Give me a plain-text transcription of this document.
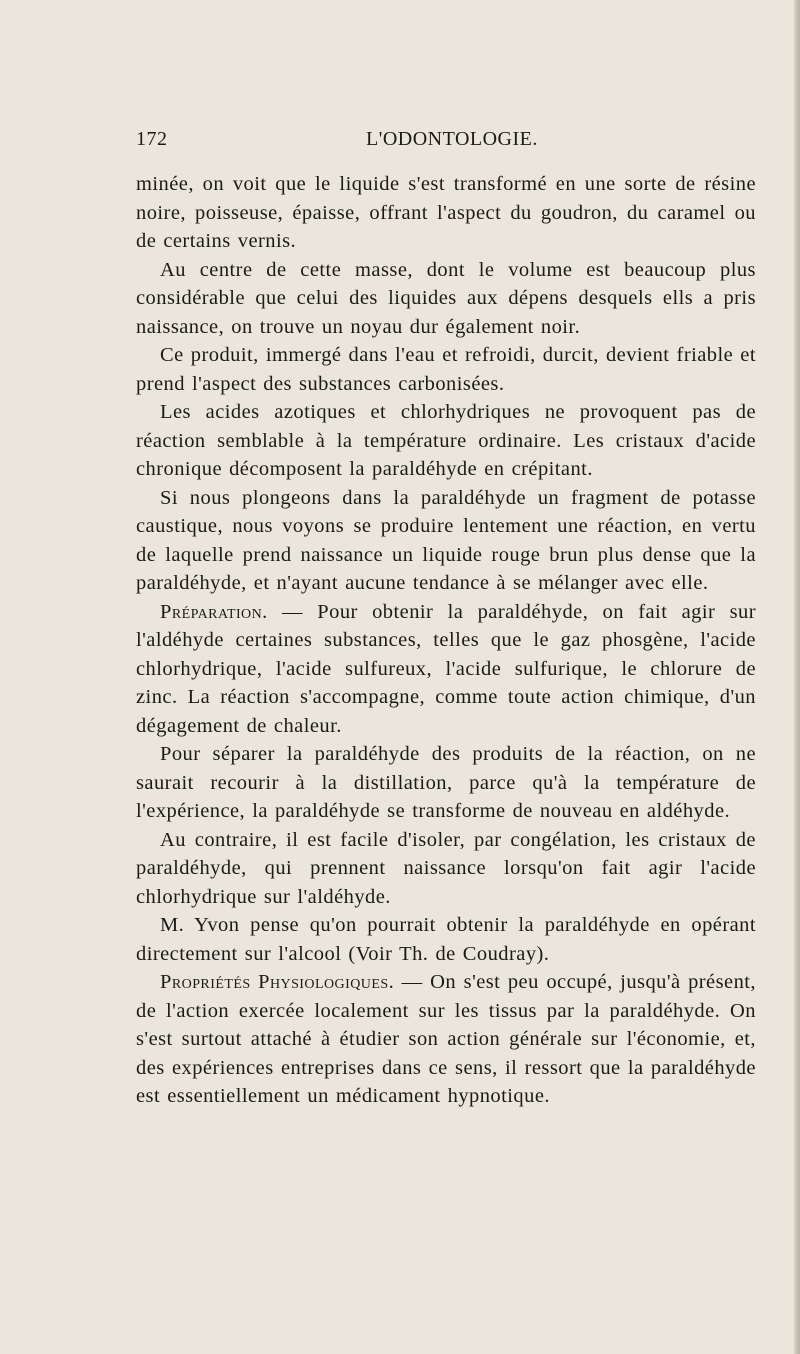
172	L'ODONTOLOGIE.

minée, on voit que le liquide s'est transformé en une sorte de résine noire, poisseuse, épaisse, offrant l'aspect du goudron, du caramel ou de certains vernis.

Au centre de cette masse, dont le volume est beaucoup plus considérable que celui des liquides aux dépens desquels ells a pris naissance, on trouve un noyau dur également noir.

Ce produit, immergé dans l'eau et refroidi, durcit, devient friable et prend l'aspect des substances carbonisées.

Les acides azotiques et chlorhydriques ne provoquent pas de réaction semblable à la température ordinaire. Les cristaux d'acide chronique décomposent la paraldéhyde en crépitant.

Si nous plongeons dans la paraldéhyde un fragment de potasse caustique, nous voyons se produire lentement une réaction, en vertu de laquelle prend naissance un liquide rouge brun plus dense que la paraldéhyde, et n'ayant aucune tendance à se mélanger avec elle.

Préparation. — Pour obtenir la paraldéhyde, on fait agir sur l'aldéhyde certaines substances, telles que le gaz phosgène, l'acide chlorhydrique, l'acide sulfureux, l'acide sulfurique, le chlorure de zinc. La réaction s'accompagne, comme toute action chimique, d'un dégagement de chaleur.

Pour séparer la paraldéhyde des produits de la réaction, on ne saurait recourir à la distillation, parce qu'à la température de l'expérience, la paraldéhyde se transforme de nouveau en aldéhyde.

Au contraire, il est facile d'isoler, par congélation, les cristaux de paraldéhyde, qui prennent naissance lorsqu'on fait agir l'acide chlorhydrique sur l'aldéhyde.

M. Yvon pense qu'on pourrait obtenir la paraldéhyde en opérant directement sur l'alcool (Voir Th. de Coudray).

Propriétés Physiologiques. — On s'est peu occupé, jusqu'à présent, de l'action exercée localement sur les tissus par la paraldéhyde. On s'est surtout attaché à étudier son action générale sur l'économie, et, des expériences entreprises dans ce sens, il ressort que la paraldéhyde est essentiellement un médicament hypnotique.
